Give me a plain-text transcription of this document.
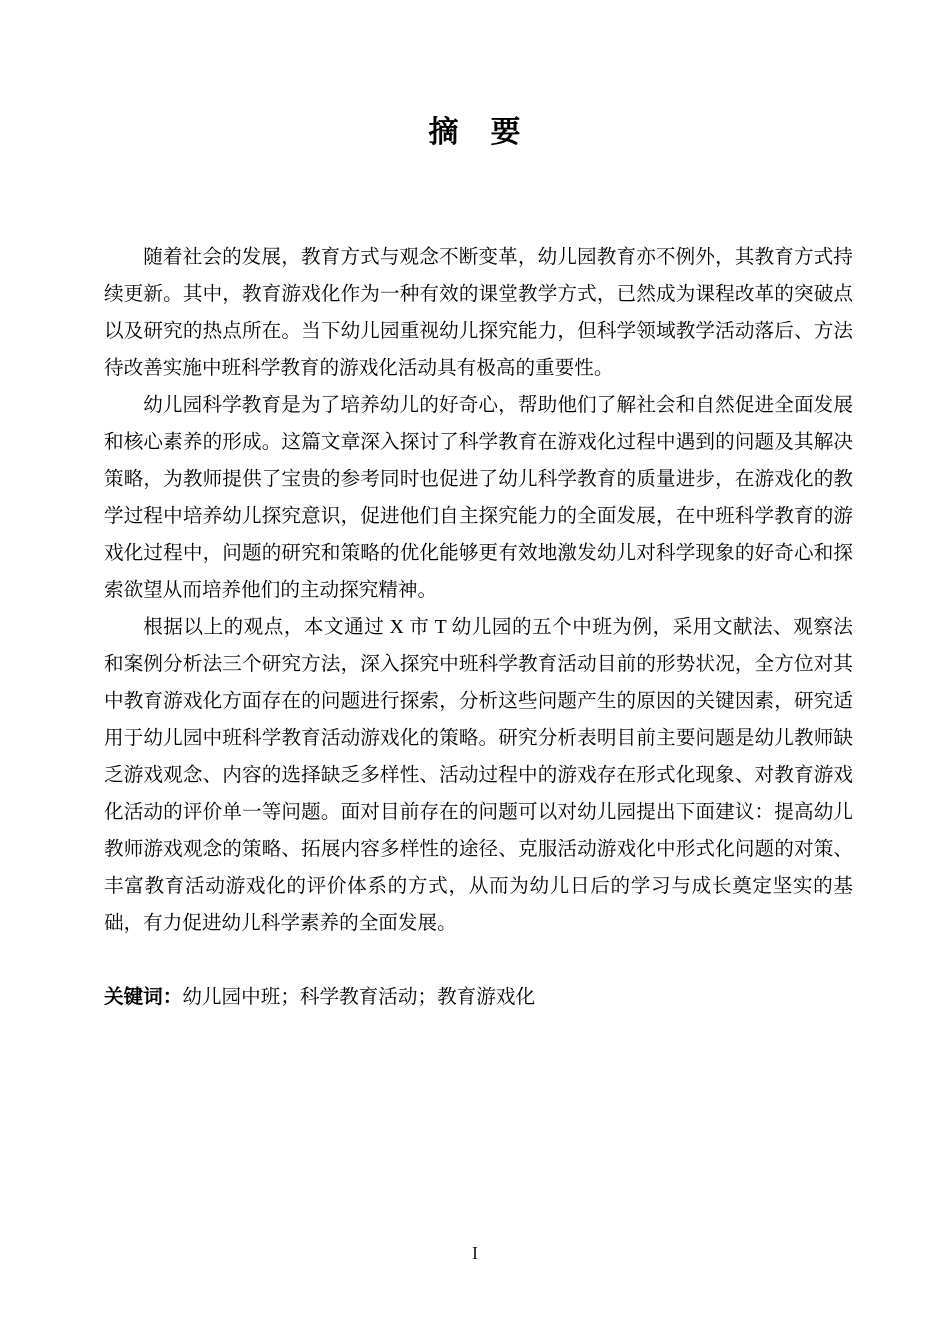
摘　要

随着社会的发展，教育方式与观念不断变革，幼儿园教育亦不例外，其教育方式持续更新。其中，教育游戏化作为一种有效的课堂教学方式，已然成为课程改革的突破点以及研究的热点所在。当下幼儿园重视幼儿探究能力，但科学领域教学活动落后、方法待改善实施中班科学教育的游戏化活动具有极高的重要性。

幼儿园科学教育是为了培养幼儿的好奇心，帮助他们了解社会和自然促进全面发展和核心素养的形成。这篇文章深入探讨了科学教育在游戏化过程中遇到的问题及其解决策略，为教师提供了宝贵的参考同时也促进了幼儿科学教育的质量进步，在游戏化的教学过程中培养幼儿探究意识，促进他们自主探究能力的全面发展，在中班科学教育的游戏化过程中，问题的研究和策略的优化能够更有效地激发幼儿对科学现象的好奇心和探索欲望从而培养他们的主动探究精神。

根据以上的观点，本文通过 X 市 T 幼儿园的五个中班为例，采用文献法、观察法和案例分析法三个研究方法，深入探究中班科学教育活动目前的形势状况，全方位对其中教育游戏化方面存在的问题进行探索，分析这些问题产生的原因的关键因素，研究适用于幼儿园中班科学教育活动游戏化的策略。研究分析表明目前主要问题是幼儿教师缺乏游戏观念、内容的选择缺乏多样性、活动过程中的游戏存在形式化现象、对教育游戏化活动的评价单一等问题。面对目前存在的问题可以对幼儿园提出下面建议：提高幼儿教师游戏观念的策略、拓展内容多样性的途径、克服活动游戏化中形式化问题的对策、丰富教育活动游戏化的评价体系的方式，从而为幼儿日后的学习与成长奠定坚实的基础，有力促进幼儿科学素养的全面发展。

关键词：幼儿园中班；科学教育活动；教育游戏化
I
